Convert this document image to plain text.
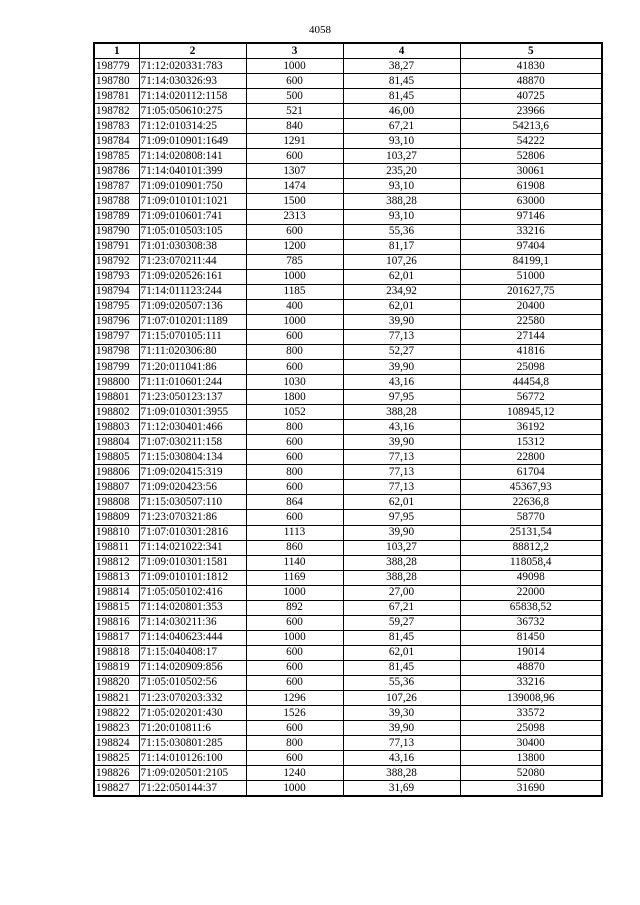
4058
1	2	3	4	5
198779	71:12:020331:783	1000	38,27	41830
198780	71:14:030326:93	600	81,45	48870
198781	71:14:020112:1158	500	81,45	40725
198782	71:05:050610:275	521	46,00	23966
198783	71:12:010314:25	840	67,21	54213,6
198784	71:09:010901:1649	1291	93,10	54222
198785	71:14:020808:141	600	103,27	52806
198786	71:14:040101:399	1307	235,20	30061
198787	71:09:010901:750	1474	93,10	61908
198788	71:09:010101:1021	1500	388,28	63000
198789	71:09:010601:741	2313	93,10	97146
198790	71:05:010503:105	600	55,36	33216
198791	71:01:030308:38	1200	81,17	97404
198792	71:23:070211:44	785	107,26	84199,1
198793	71:09:020526:161	1000	62,01	51000
198794	71:14:011123:244	1185	234,92	201627,75
198795	71:09:020507:136	400	62,01	20400
198796	71:07:010201:1189	1000	39,90	22580
198797	71:15:070105:111	600	77,13	27144
198798	71:11:020306:80	800	52,27	41816
198799	71:20:011041:86	600	39,90	25098
198800	71:11:010601:244	1030	43,16	44454,8
198801	71:23:050123:137	1800	97,95	56772
198802	71:09:010301:3955	1052	388,28	108945,12
198803	71:12:030401:466	800	43,16	36192
198804	71:07:030211:158	600	39,90	15312
198805	71:15:030804:134	600	77,13	22800
198806	71:09:020415:319	800	77,13	61704
198807	71:09:020423:56	600	77,13	45367,93
198808	71:15:030507:110	864	62,01	22636,8
198809	71:23:070321:86	600	97,95	58770
198810	71:07:010301:2816	1113	39,90	25131,54
198811	71:14:021022:341	860	103,27	88812,2
198812	71:09:010301:1581	1140	388,28	118058,4
198813	71:09:010101:1812	1169	388,28	49098
198814	71:05:050102:416	1000	27,00	22000
198815	71:14:020801:353	892	67,21	65838,52
198816	71:14:030211:36	600	59,27	36732
198817	71:14:040623:444	1000	81,45	81450
198818	71:15:040408:17	600	62,01	19014
198819	71:14:020909:856	600	81,45	48870
198820	71:05:010502:56	600	55,36	33216
198821	71:23:070203:332	1296	107,26	139008,96
198822	71:05:020201:430	1526	39,30	33572
198823	71:20:010811:6	600	39,90	25098
198824	71:15:030801:285	800	77,13	30400
198825	71:14:010126:100	600	43,16	13800
198826	71:09:020501:2105	1240	388,28	52080
198827	71:22:050144:37	1000	31,69	31690
